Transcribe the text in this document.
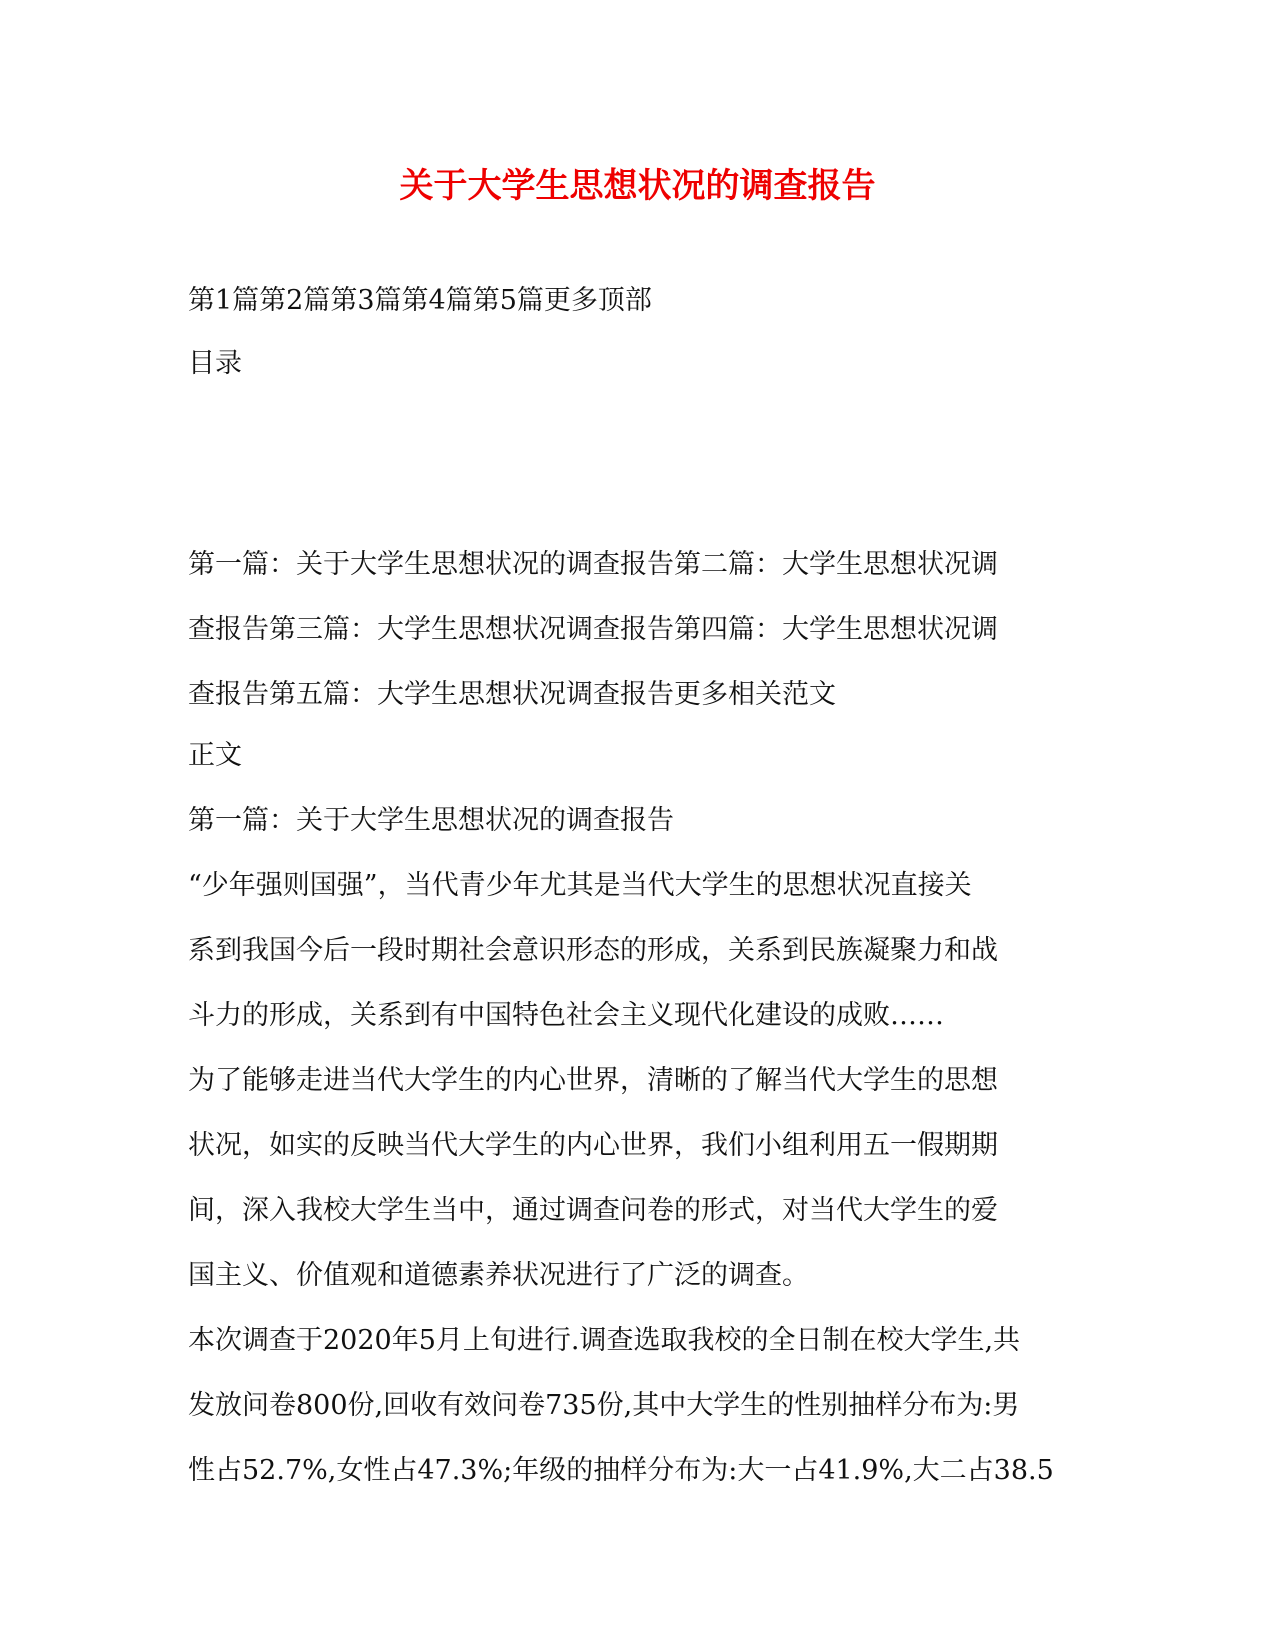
关于大学生思想状况的调查报告
第1篇第2篇第3篇第4篇第5篇更多顶部
目录
第一篇：关于大学生思想状况的调查报告第二篇：大学生思想状况调
查报告第三篇：大学生思想状况调查报告第四篇：大学生思想状况调
查报告第五篇：大学生思想状况调查报告更多相关范文
正文
第一篇：关于大学生思想状况的调查报告
“少年强则国强”，当代青少年尤其是当代大学生的思想状况直接关
系到我国今后一段时期社会意识形态的形成，关系到民族凝聚力和战
斗力的形成，关系到有中国特色社会主义现代化建设的成败……
为了能够走进当代大学生的内心世界，清晰的了解当代大学生的思想
状况，如实的反映当代大学生的内心世界，我们小组利用五一假期期
间，深入我校大学生当中，通过调查问卷的形式，对当代大学生的爱
国主义、价值观和道德素养状况进行了广泛的调查。
本次调查于2020年5月上旬进行.调查选取我校的全日制在校大学生,共
发放问卷800份,回收有效问卷735份,其中大学生的性别抽样分布为:男
性占52.7%,女性占47.3%;年级的抽样分布为:大一占41.9%,大二占38.5
